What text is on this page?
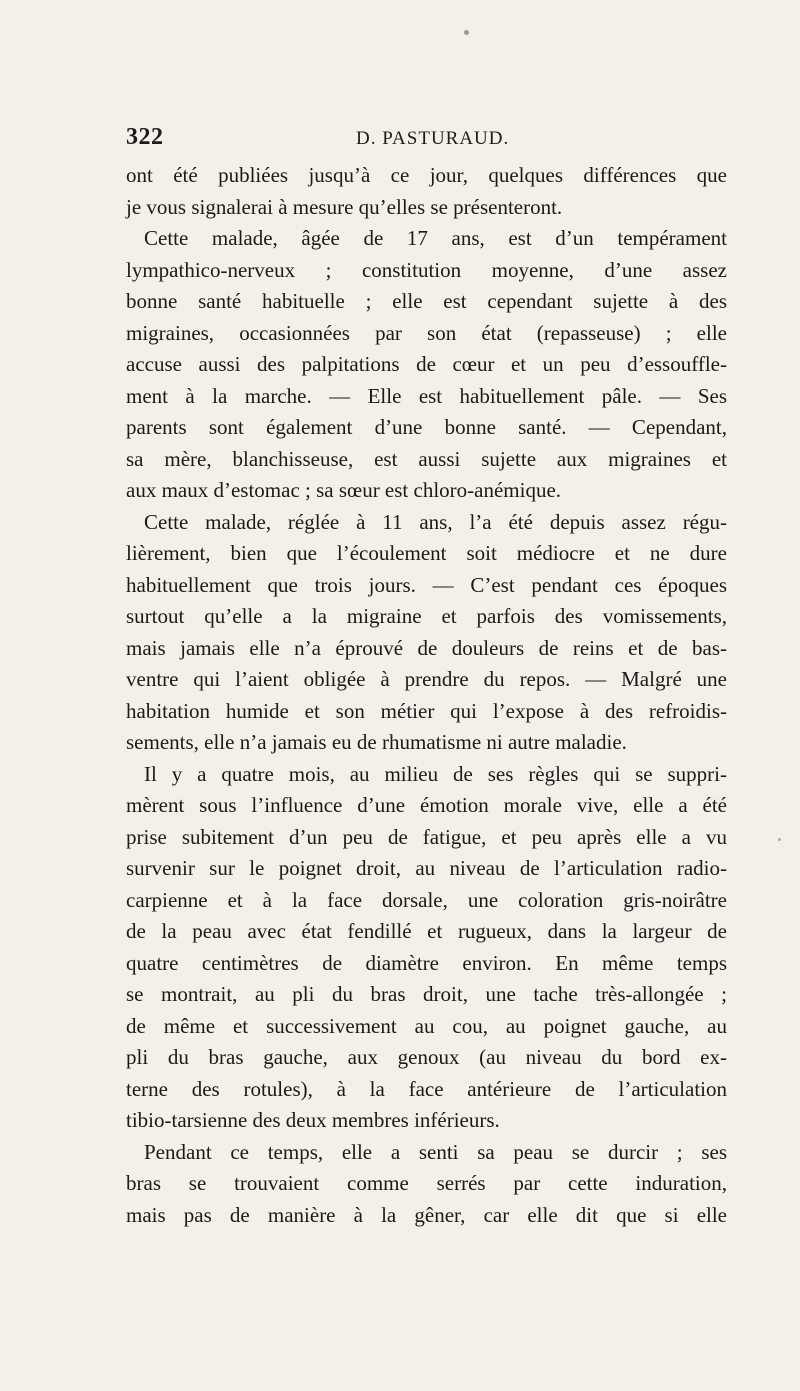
322	D. PASTURAUD.
ont été publiées jusqu’à ce jour, quelques différences que
je vous signalerai à mesure qu’elles se présenteront.
Cette malade, âgée de 17 ans, est d’un tempérament
lympathico-nerveux ; constitution moyenne, d’une assez
bonne santé habituelle ; elle est cependant sujette à des
migraines, occasionnées par son état (repasseuse) ; elle
accuse aussi des palpitations de cœur et un peu d’essouffle-
ment à la marche. — Elle est habituellement pâle. — Ses
parents sont également d’une bonne santé. — Cependant,
sa mère, blanchisseuse, est aussi sujette aux migraines et
aux maux d’estomac ; sa sœur est chloro-anémique.
Cette malade, réglée à 11 ans, l’a été depuis assez régu-
lièrement, bien que l’écoulement soit médiocre et ne dure
habituellement que trois jours. — C’est pendant ces époques
surtout qu’elle a la migraine et parfois des vomissements,
mais jamais elle n’a éprouvé de douleurs de reins et de bas-
ventre qui l’aient obligée à prendre du repos. — Malgré une
habitation humide et son métier qui l’expose à des refroidis-
sements, elle n’a jamais eu de rhumatisme ni autre maladie.
Il y a quatre mois, au milieu de ses règles qui se suppri-
mèrent sous l’influence d’une émotion morale vive, elle a été
prise subitement d’un peu de fatigue, et peu après elle a vu
survenir sur le poignet droit, au niveau de l’articulation radio-
carpienne et à la face dorsale, une coloration gris-noirâtre
de la peau avec état fendillé et rugueux, dans la largeur de
quatre centimètres de diamètre environ. En même temps
se montrait, au pli du bras droit, une tache très-allongée ;
de même et successivement au cou, au poignet gauche, au
pli du bras gauche, aux genoux (au niveau du bord ex-
terne des rotules), à la face antérieure de l’articulation
tibio-tarsienne des deux membres inférieurs.
Pendant ce temps, elle a senti sa peau se durcir ; ses
bras se trouvaient comme serrés par cette induration,
mais pas de manière à la gêner, car elle dit que si elle
